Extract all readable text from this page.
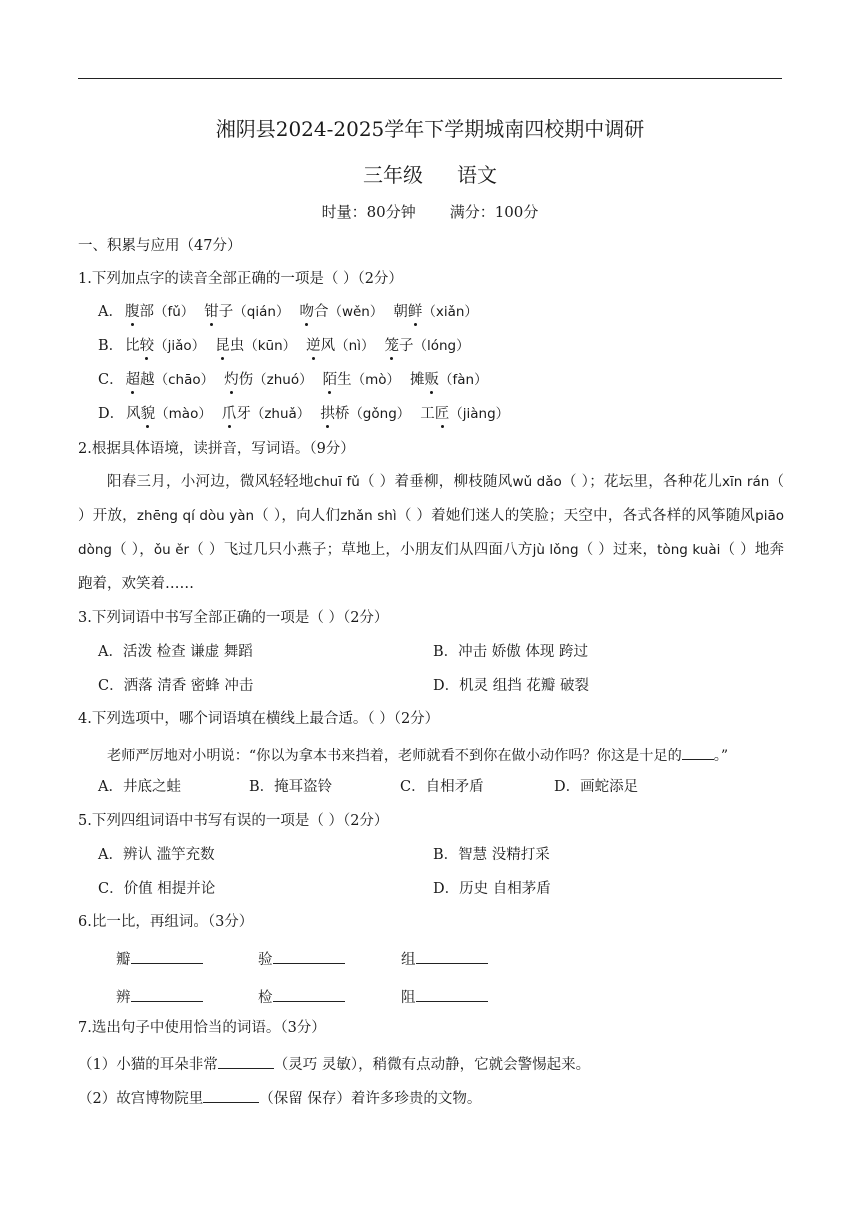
湘阴县2024-2025学年下学期城南四校期中调研
三年级 语文
时量：80分钟 满分：100分
一、积累与应用（47分）
1.下列加点字的读音全部正确的一项是（ ）（2分）
A． 腹部（fǔ） 钳子（qián） 吻合（wěn） 朝鲜（xiǎn）
B． 比较（jiǎo） 昆虫（kūn） 逆风（nì） 笼子（lóng）
C． 超越（chāo） 灼伤（zhuó） 陌生（mò） 摊贩（fàn）
D． 风貌（mào） 爪牙（zhuǎ） 拱桥（gǒng） 工匠（jiàng）
2.根据具体语境，读拼音，写词语。（9分）
阳春三月，小河边，微风轻轻地chuī fǔ（ ）着垂柳，柳枝随风wǔ dǎo（ ）；花坛里，各种花儿xīn rán（ ）开放，zhēng qí dòu yàn（ ），向人们zhǎn shì（ ）着她们迷人的笑脸；天空中，各式各样的风筝随风piāo dòng（ ），ǒu ěr（ ）飞过几只小燕子；草地上，小朋友们从四面八方jù lǒng（ ）过来，tòng kuài（ ）地奔跑着，欢笑着……
3.下列词语中书写全部正确的一项是（ ）（2分）
A．活泼 检查 谦虚 舞蹈	B．冲击 娇傲 体现 跨过
C．洒落 清香 密蜂 冲击	D．机灵 组挡 花瓣 破裂
4.下列选项中，哪个词语填在横线上最合适。（ ）（2分）
老师严厉地对小明说：“你以为拿本书来挡着，老师就看不到你在做小动作吗？你这是十足的 。”
A．井底之蛙	B．掩耳盗铃	C．自相矛盾	D．画蛇添足
5.下列四组词语中书写有误的一项是（ ）（2分）
A．辨认 滥竽充数	B．智慧 没精打采
C．价值 相提并论	D．历史 自相茅盾
6.比一比，再组词。（3分）
瓣	验	组
辨	检	阻
7.选出句子中使用恰当的词语。（3分）
（1）小猫的耳朵非常	（灵巧 灵敏），稍微有点动静，它就会警惕起来。
（2）故宫博物院里	（保留 保存）着许多珍贵的文物。
